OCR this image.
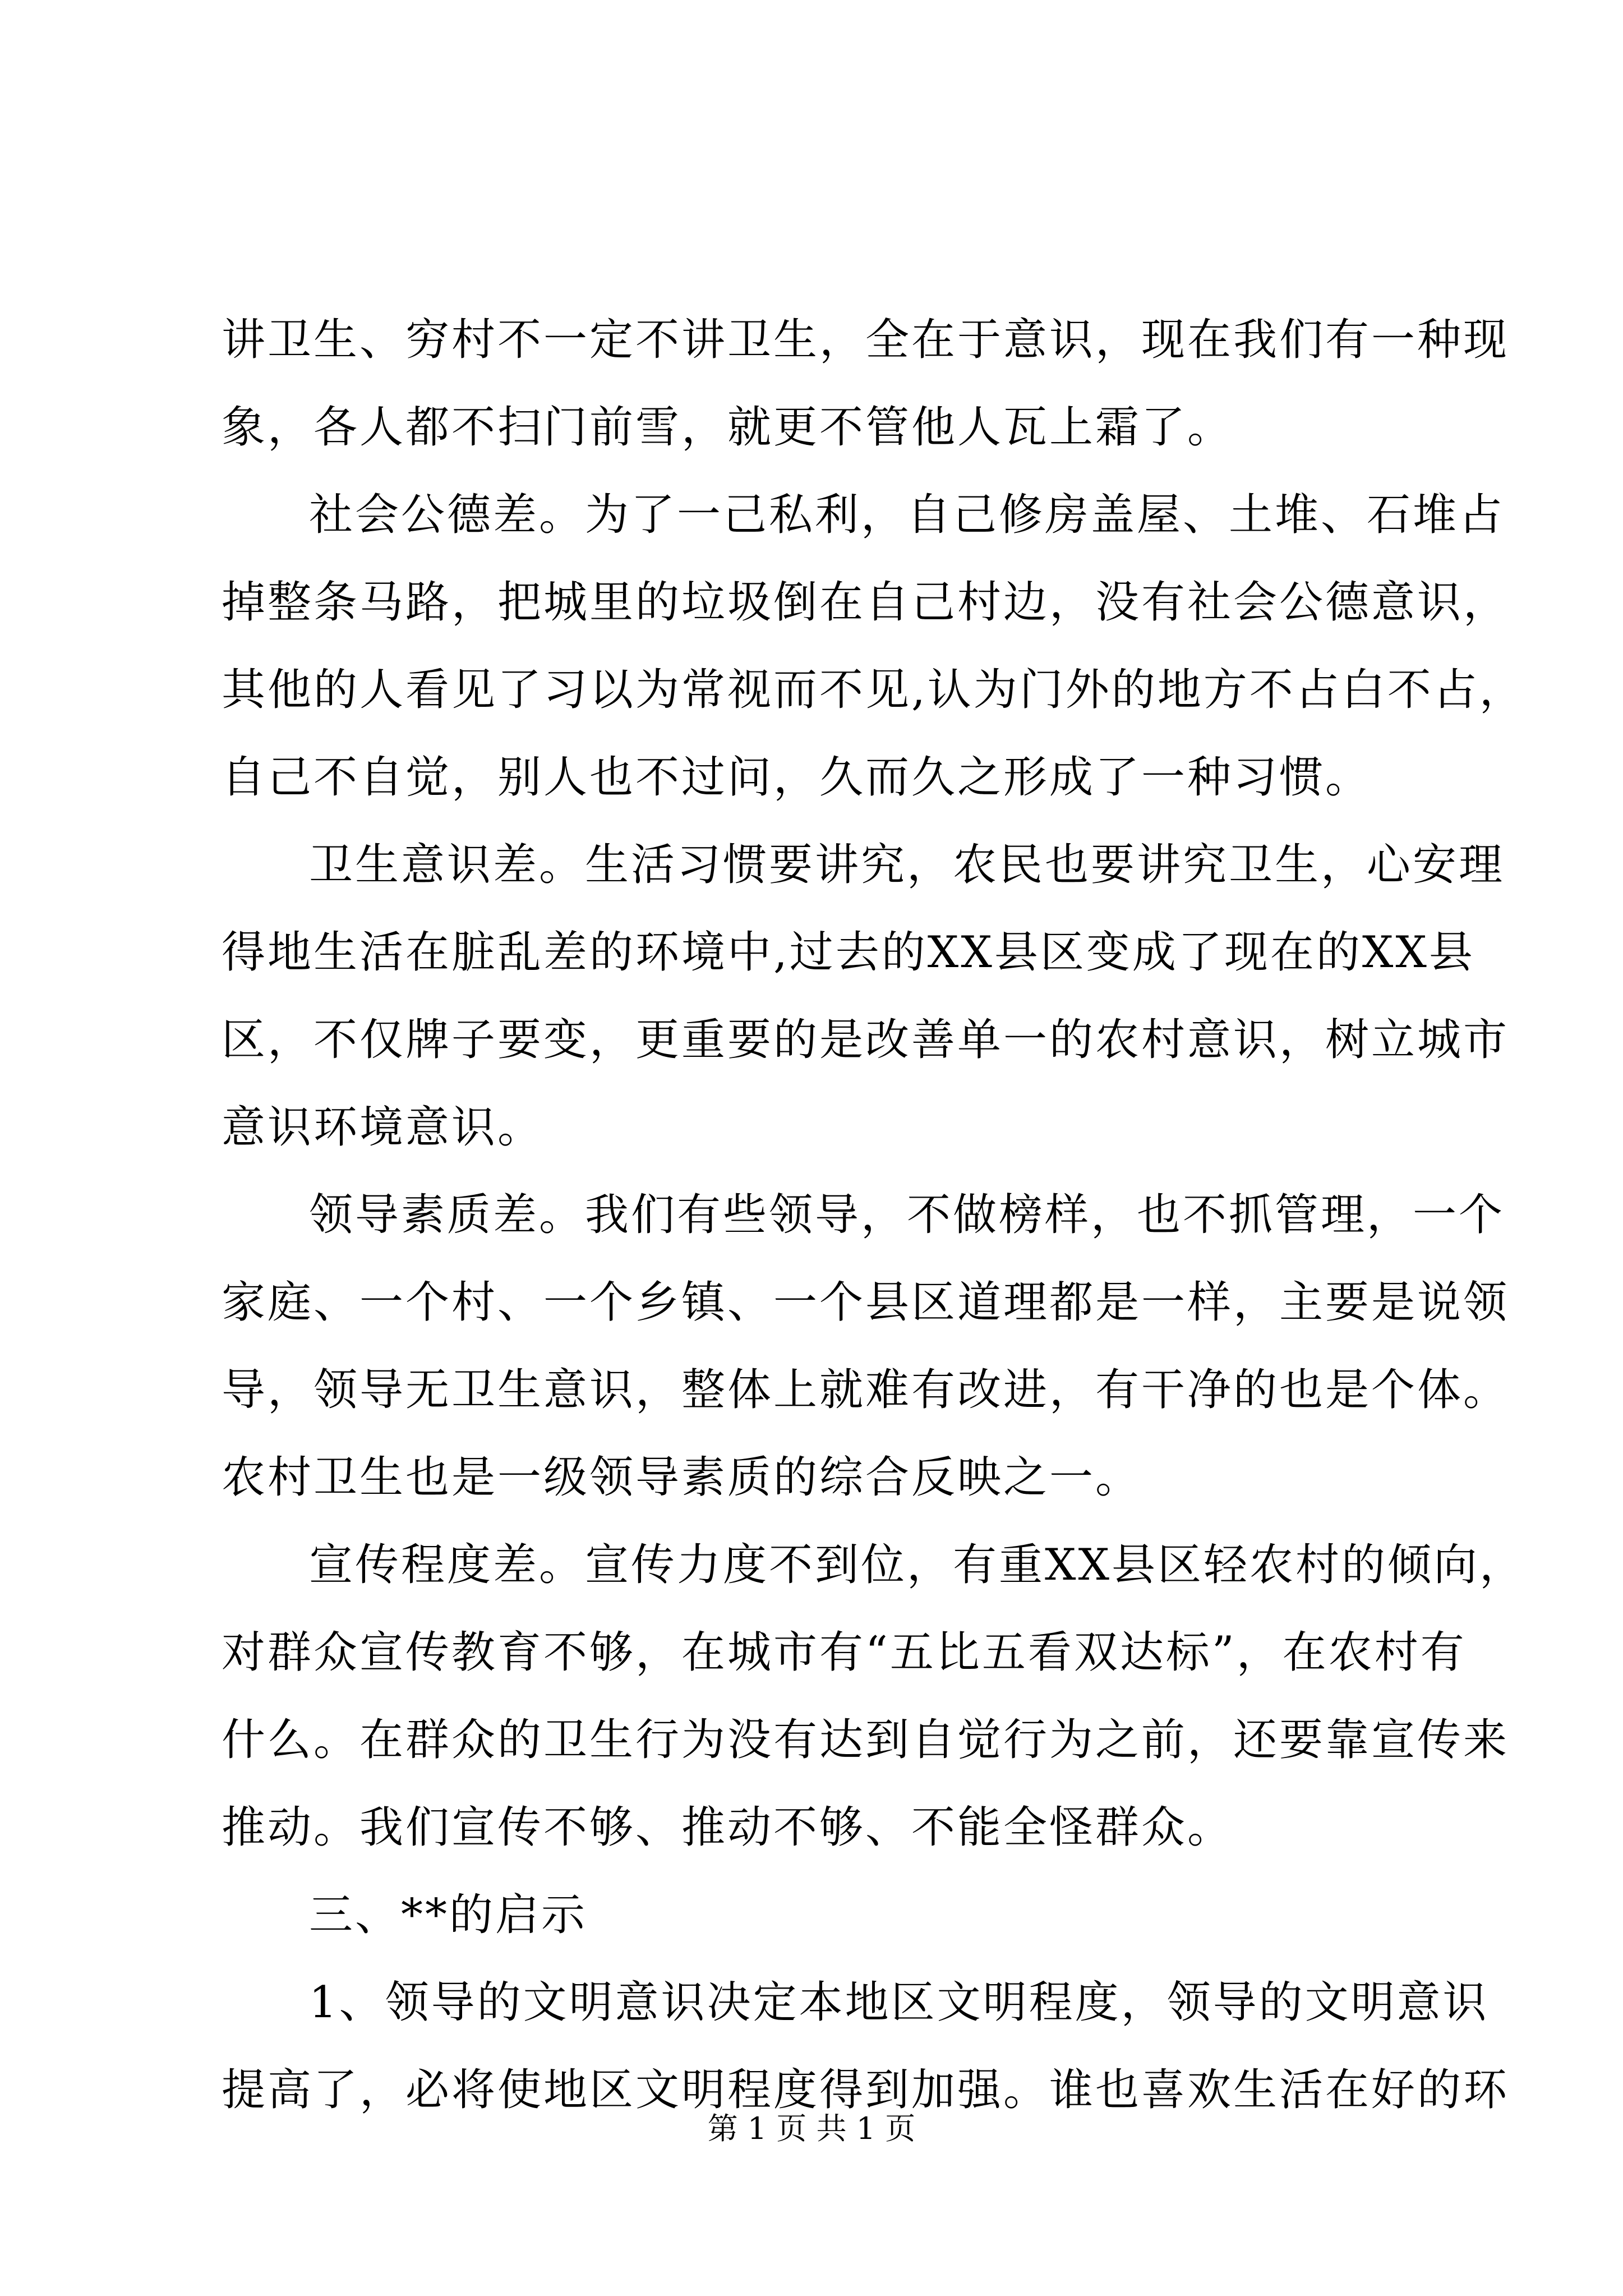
讲卫生、穷村不一定不讲卫生，全在于意识，现在我们有一种现
象，各人都不扫门前雪，就更不管他人瓦上霜了。
社会公德差。为了一己私利，自己修房盖屋、土堆、石堆占
掉整条马路，把城里的垃圾倒在自己村边，没有社会公德意识，
其他的人看见了习以为常视而不见,认为门外的地方不占白不占，
自己不自觉，别人也不过问，久而久之形成了一种习惯。
卫生意识差。生活习惯要讲究，农民也要讲究卫生，心安理
得地生活在脏乱差的环境中,过去的XX县区变成了现在的XX县
区，不仅牌子要变，更重要的是改善单一的农村意识，树立城市
意识环境意识。
领导素质差。我们有些领导，不做榜样，也不抓管理，一个
家庭、一个村、一个乡镇、一个县区道理都是一样，主要是说领
导，领导无卫生意识，整体上就难有改进，有干净的也是个体。
农村卫生也是一级领导素质的综合反映之一。
宣传程度差。宣传力度不到位，有重XX县区轻农村的倾向，
对群众宣传教育不够，在城市有“五比五看双达标”，在农村有
什么。在群众的卫生行为没有达到自觉行为之前，还要靠宣传来
推动。我们宣传不够、推动不够、不能全怪群众。
三、**的启示
1、领导的文明意识决定本地区文明程度，领导的文明意识
提高了，必将使地区文明程度得到加强。谁也喜欢生活在好的环
第 1 页 共 1 页
